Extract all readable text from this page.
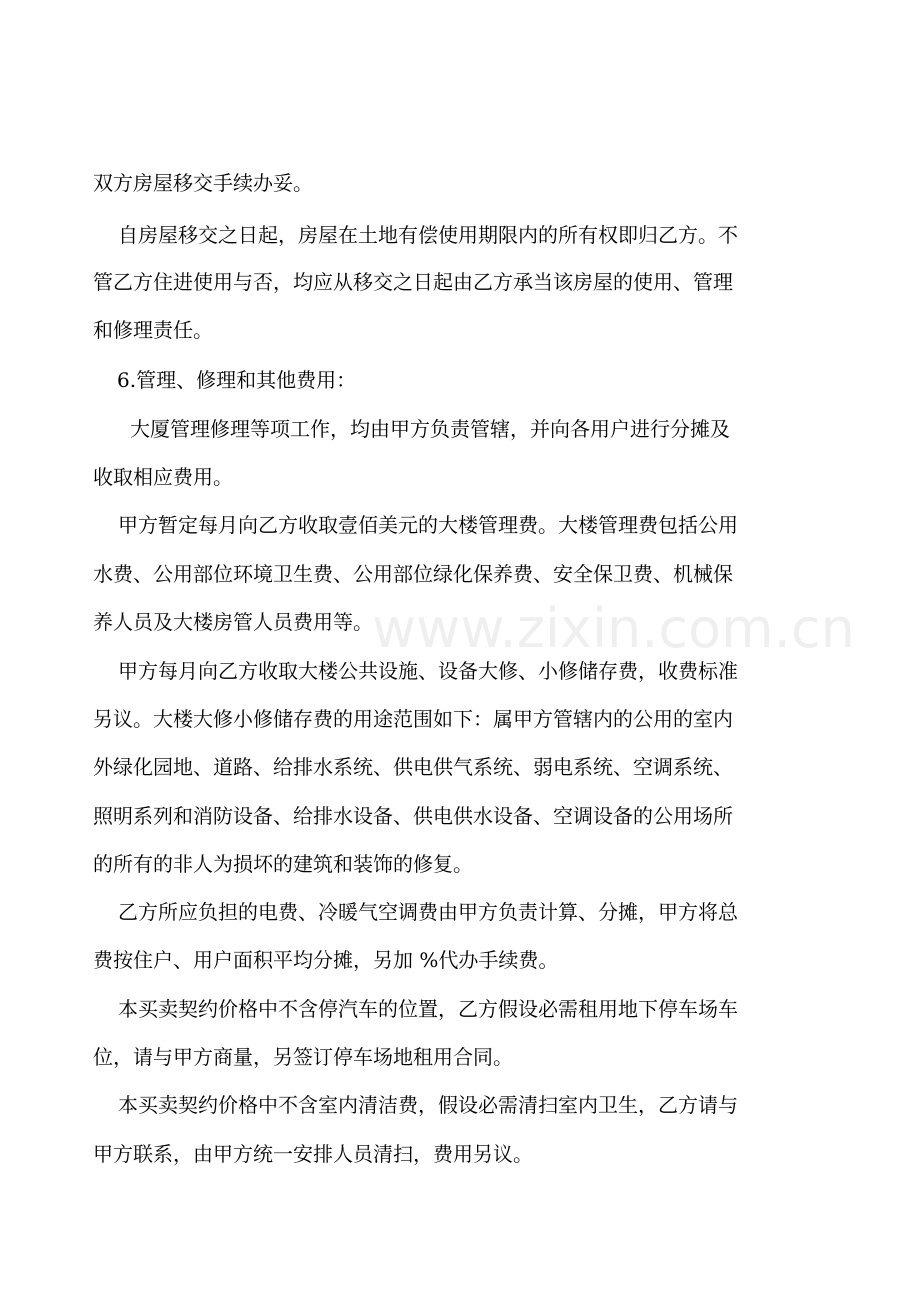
双方房屋移交手续办妥。
自房屋移交之日起，房屋在土地有偿使用期限内的所有权即归乙方。不
管乙方住进使用与否，均应从移交之日起由乙方承当该房屋的使用、管理
和修理责任。
6.管理、修理和其他费用：
大厦管理修理等项工作，均由甲方负责管辖，并向各用户进行分摊及
收取相应费用。
甲方暂定每月向乙方收取壹佰美元的大楼管理费。大楼管理费包括公用
水费、公用部位环境卫生费、公用部位绿化保养费、安全保卫费、机械保
养人员及大楼房管人员费用等。
甲方每月向乙方收取大楼公共设施、设备大修、小修储存费，收费标准
另议。大楼大修小修储存费的用途范围如下：属甲方管辖内的公用的室内
外绿化园地、道路、给排水系统、供电供气系统、弱电系统、空调系统、
照明系列和消防设备、给排水设备、供电供水设备、空调设备的公用场所
的所有的非人为损坏的建筑和装饰的修复。
乙方所应负担的电费、冷暖气空调费由甲方负责计算、分摊，甲方将总
费按住户、用户面积平均分摊，另加 %代办手续费。
本买卖契约价格中不含停汽车的位置，乙方假设必需租用地下停车场车
位，请与甲方商量，另签订停车场地租用合同。
本买卖契约价格中不含室内清洁费，假设必需清扫室内卫生，乙方请与
甲方联系，由甲方统一安排人员清扫，费用另议。
www.zixin.com.cn
